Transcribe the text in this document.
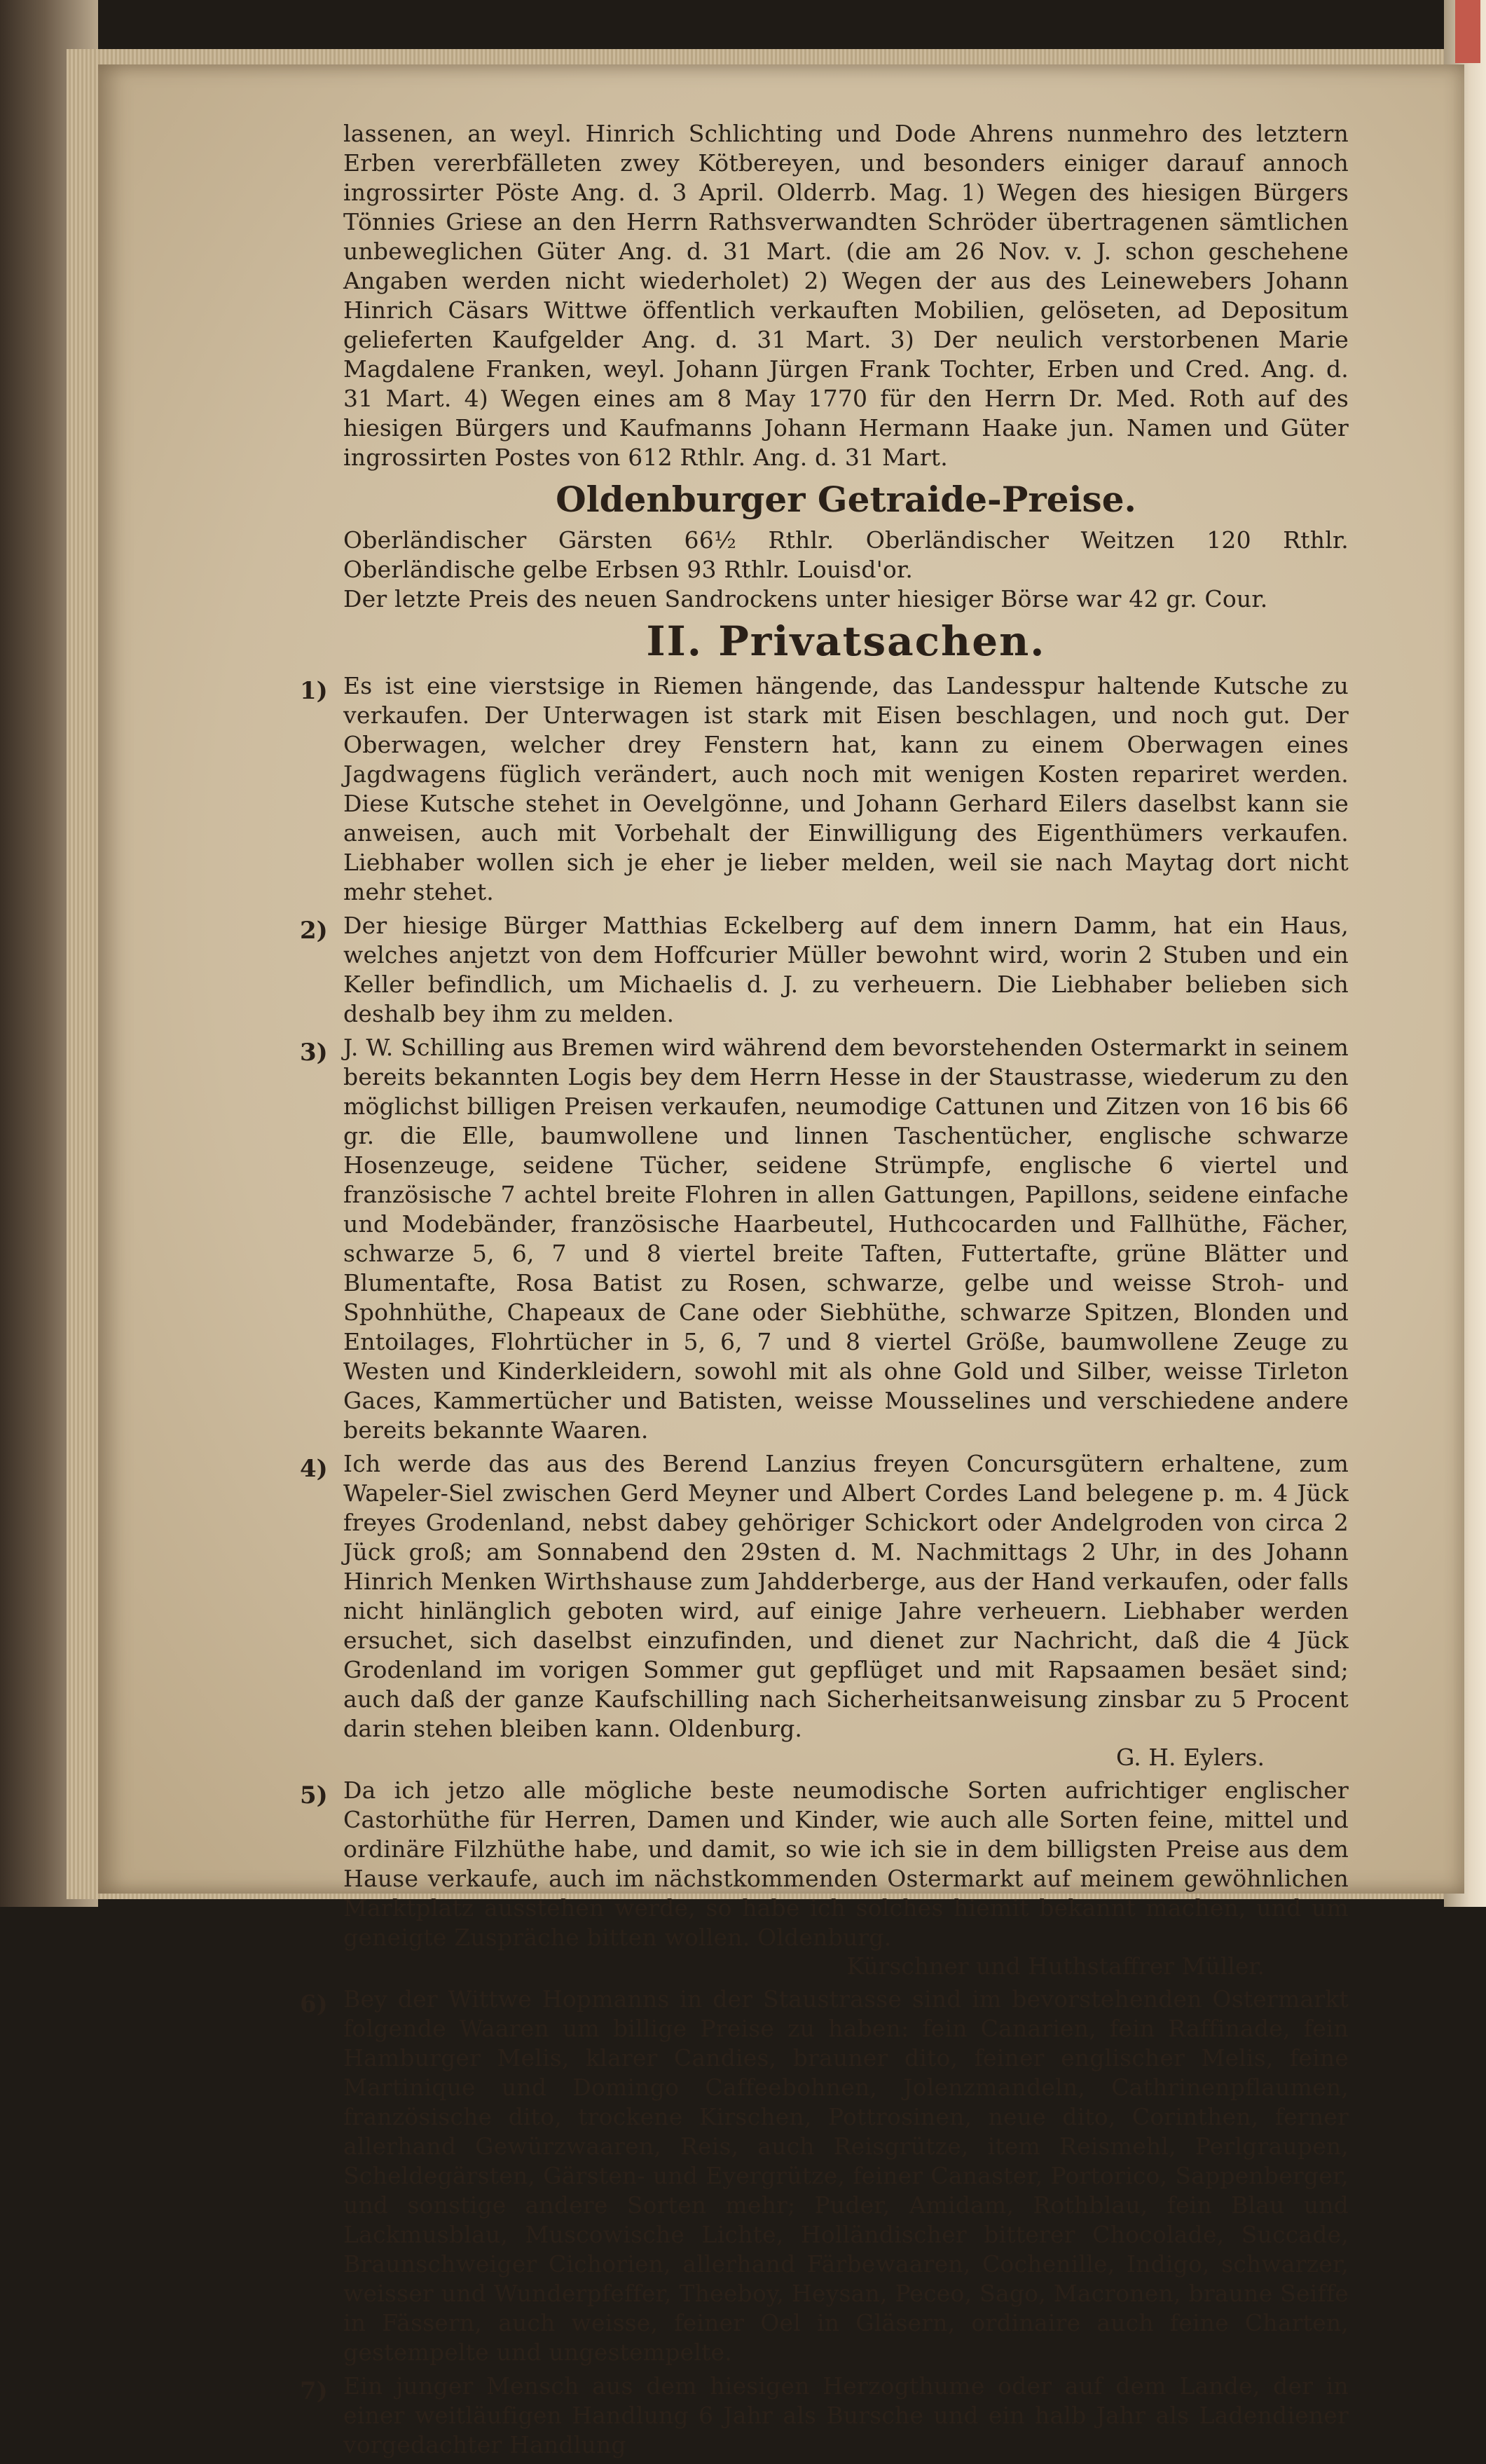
lassenen, an weyl. Hinrich Schlichting und Dode Ahrens nunmehro des letztern Erben vererbfälleten zwey Kötbereyen, und besonders einiger darauf annoch ingrossirter Pöste Ang. d. 3 April. Olderrb. Mag. 1) Wegen des hiesigen Bürgers Tönnies Griese an den Herrn Rathsverwandten Schröder übertragenen sämtlichen unbeweglichen Güter Ang. d. 31 Mart. (die am 26 Nov. v. J. schon geschehene Angaben werden nicht wiederholet) 2) Wegen der aus des Leinewebers Johann Hinrich Cäsars Wittwe öffentlich verkauften Mobilien, gelöseten, ad Depositum gelieferten Kaufgelder Ang. d. 31 Mart. 3) Der neulich verstorbenen Marie Magdalene Franken, weyl. Johann Jürgen Frank Tochter, Erben und Cred. Ang. d. 31 Mart. 4) Wegen eines am 8 May 1770 für den Herrn Dr. Med. Roth auf des hiesigen Bürgers und Kaufmanns Johann Hermann Haake jun. Namen und Güter ingrossirten Postes von 612 Rthlr. Ang. d. 31 Mart.

Oldenburger Getraide-Preise.

Oberländischer Gärsten 66½ Rthlr. Oberländischer Weitzen 120 Rthlr. Oberländische gelbe Erbsen 93 Rthlr. Louisd'or.

Der letzte Preis des neuen Sandrockens unter hiesiger Börse war 42 gr. Cour.

II. Privatsachen.
1) Es ist eine vierstsige in Riemen hängende, das Landesspur haltende Kutsche zu verkaufen. Der Unterwagen ist stark mit Eisen beschlagen, und noch gut. Der Oberwagen, welcher drey Fenstern hat, kann zu einem Oberwagen eines Jagdwagens füglich verändert, auch noch mit wenigen Kosten repariret werden. Diese Kutsche stehet in Oevelgönne, und Johann Gerhard Eilers daselbst kann sie anweisen, auch mit Vorbehalt der Einwilligung des Eigenthümers verkaufen. Liebhaber wollen sich je eher je lieber melden, weil sie nach Maytag dort nicht mehr stehet.

2) Der hiesige Bürger Matthias Eckelberg auf dem innern Damm, hat ein Haus, welches anjetzt von dem Hoffcurier Müller bewohnt wird, worin 2 Stuben und ein Keller befindlich, um Michaelis d. J. zu verheuern. Die Liebhaber belieben sich deshalb bey ihm zu melden.

3) J. W. Schilling aus Bremen wird während dem bevorstehenden Ostermarkt in seinem bereits bekannten Logis bey dem Herrn Hesse in der Staustrasse, wiederum zu den möglichst billigen Preisen verkaufen, neumodige Cattunen und Zitzen von 16 bis 66 gr. die Elle, baumwollene und linnen Taschentücher, englische schwarze Hosenzeuge, seidene Tücher, seidene Strümpfe, englische 6 viertel und französische 7 achtel breite Flohren in allen Gattungen, Papillons, seidene einfache und Modebänder, französische Haarbeutel, Huthcocarden und Fallhüthe, Fächer, schwarze 5, 6, 7 und 8 viertel breite Taften, Futtertafte, grüne Blätter und Blumentafte, Rosa Batist zu Rosen, schwarze, gelbe und weisse Stroh- und Spohnhüthe, Chapeaux de Cane oder Siebhüthe, schwarze Spitzen, Blonden und Entoilages, Flohrtücher in 5, 6, 7 und 8 viertel Größe, baumwollene Zeuge zu Westen und Kinderkleidern, sowohl mit als ohne Gold und Silber, weisse Tirleton Gaces, Kammertücher und Batisten, weisse Mousselines und verschiedene andere bereits bekannte Waaren.

4) Ich werde das aus des Berend Lanzius freyen Concursgütern erhaltene, zum Wapeler-Siel zwischen Gerd Meyner und Albert Cordes Land belegene p. m. 4 Jück freyes Grodenland, nebst dabey gehöriger Schickort oder Andelgroden von circa 2 Jück groß; am Sonnabend den 29sten d. M. Nachmittags 2 Uhr, in des Johann Hinrich Menken Wirthshause zum Jahdderberge, aus der Hand verkaufen, oder falls nicht hinlänglich geboten wird, auf einige Jahre verheuern. Liebhaber werden ersuchet, sich daselbst einzufinden, und dienet zur Nachricht, daß die 4 Jück Grodenland im vorigen Sommer gut gepflüget und mit Rapsaamen besäet sind; auch daß der ganze Kaufschilling nach Sicherheitsanweisung zinsbar zu 5 Procent darin stehen bleiben kann. Oldenburg.

G. H. Eylers.

5) Da ich jetzo alle mögliche beste neumodische Sorten aufrichtiger englischer Castorhüthe für Herren, Damen und Kinder, wie auch alle Sorten feine, mittel und ordinäre Filzhüthe habe, und damit, so wie ich sie in dem billigsten Preise aus dem Hause verkaufe, auch im nächstkommenden Ostermarkt auf meinem gewöhnlichen Marktplatz ausstehen werde, so habe ich solches hiemit bekannt machen, und um geneigte Zuspräche bitten wollen. Oldenburg.

Kürschner und Huthstaffrer Müller.

6) Bey der Wittwe Hopmanns in der Staustrasse sind im bevorstehenden Ostermarkt folgende Waaren um billige Preise zu haben: fein Canarien, fein Raffinade, fein Hamburger Melis, klarer Candies, brauner dito, feiner englischer Melis, feine Martinique und Domingo Caffeebohnen, Jolenzmandeln, Cathrinenpflaumen, französische dito, trockene Kirschen, Pottrosinen, neue dito, Corinthen, ferner allerhand Gewürzwaaren, Reis, auch Reisgrütze, item Reismehl, Perlgraupen, Scheldegärsten, Gärsten- und Eyergrütze, feiner Canaster, Portorico, Sappenberger, und sonstige andere Sorten mehr; Puder, Amidam, Rothblau, fein Blau und Lackmusblau, Muscowische Lichte, Holländischer bitterer Chocolade, Succade, Braunschweiger Cichorien, allerhand Färbewaaren, Cochenille, Indigo, schwarzer, weisser und Wunderpfeffer, Theeboy, Heysan, Peceo, Sago, Macronen, braune Seiffe in Fässern, auch weisse, feiner Oel in Gläsern, ordinaire auch feine Charten, gestempelte und ungestempelte.

7) Ein junger Mensch aus dem hiesigen Herzogthume oder auf dem Lande, der in einer weitläufigen Handlung 6 Jahr als Bursche und ein halb Jahr als Ladendiener vorgedachter Handlung
